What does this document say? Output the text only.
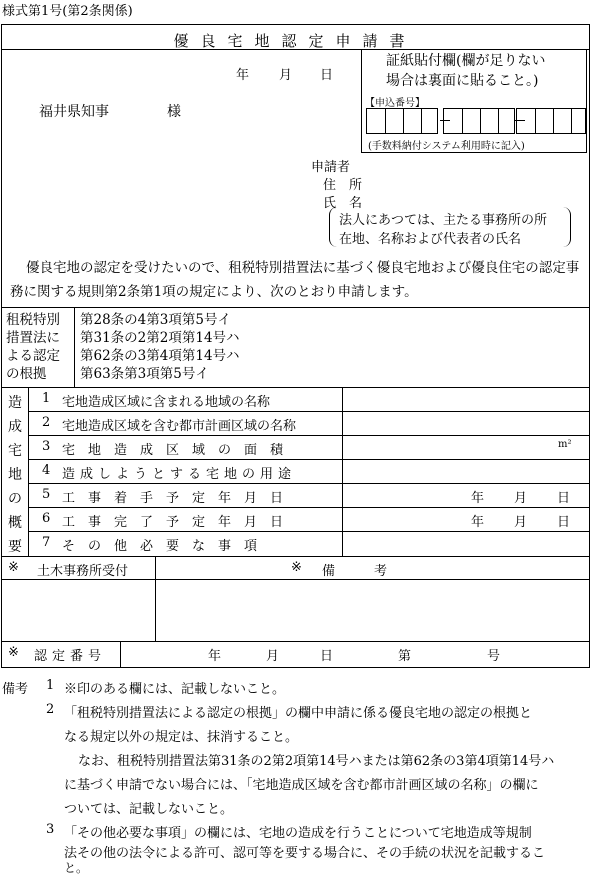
様式第1号(第2条関係)
優良宅地認定申請書
年 月 日
福井県知事	様
証紙貼付欄(欄が足りない
場合は裏面に貼ること。)
【申込番号】
(手数料納付システム利用時に記入)
申請者
住　所
氏　名
法人にあつては、主たる事務所の所
在地、名称および代表者の氏名
優良宅地の認定を受けたいので、租税特別措置法に基づく優良宅地および優良住宅の認定事務に関する規則第2条第1項の規定により、次のとおり申請します。
租税特別
措置法に
よる認定
の根拠
第28条の4第3項第5号イ
第31条の2第2項第14号ハ
第62条の3第4項第14号ハ
第63条第3項第5号イ
造
成
宅
地
の
概
要
1 宅地造成区域に含まれる地域の名称
2 宅地造成区域を含む都市計画区域の名称
3 宅地造成区域の面積	m²
4 造成しようとする宅地の用途
5 工事着手予定年月日	年 月 日
6 工事完了予定年月日	年 月 日
7 その他必要な事項
※ 土木事務所受付	※ 備　　　考
※ 認定番号	年	月	日	第	号
備考 1 ※印のある欄には、記載しないこと。
2 「租税特別措置法による認定の根拠」の欄中申請に係る優良宅地の認定の根拠と
なる規定以外の規定は、抹消すること。
なお、租税特別措置法第31条の2第2項第14号ハまたは第62条の3第4項第14号ハ
に基づく申請でない場合には、「宅地造成区域を含む都市計画区域の名称」の欄に
ついては、記載しないこと。
3 「その他必要な事項」の欄には、宅地の造成を行うことについて宅地造成等規制
法その他の法令による許可、認可等を要する場合に、その手続の状況を記載するこ
と。
